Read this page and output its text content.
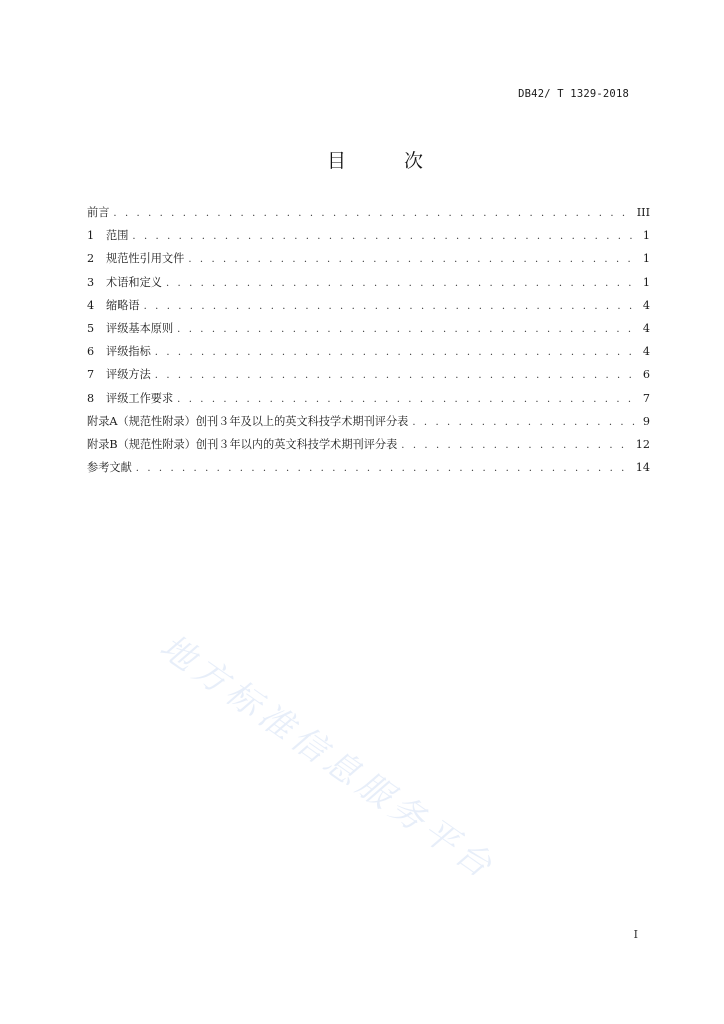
DB42/ T 1329-2018
目 次
前言 . . .	III
1	范围 . . .	1
2	规范性引用文件 . . .	1
3	术语和定义 . . .	1
4	缩略语 . . .	4
5	评级基本原则 . . .	4
6	评级指标 . . .	4
7	评级方法 . . .	6
8	评级工作要求 . . .	7
附录A（规范性附录）创刊３年及以上的英文科技学术期刊评分表 . . .	9
附录B（规范性附录）创刊３年以内的英文科技学术期刊评分表 . . .	12
参考文献 . . .	14
地方标准信息服务平台
I
